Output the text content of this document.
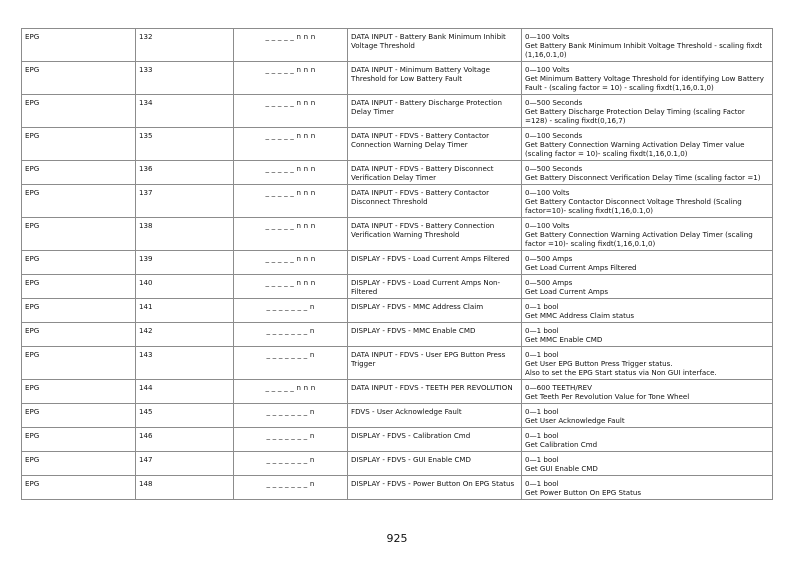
EPG	132	_ _ _ _ _ n n n	DATA INPUT - Battery Bank Minimum Inhibit Voltage Threshold	0—100 Volts
Get Battery Bank Minimum Inhibit Voltage Threshold - scaling fixdt (1,16,0.1,0)

EPG	133	_ _ _ _ _ n n n	DATA INPUT - Minimum Battery Voltage Threshold for Low Battery Fault	0—100 Volts
Get Minimum Battery Voltage Threshold for identifying Low Battery Fault - (scaling factor = 10) - scaling fixdt(1,16,0.1,0)

EPG	134	_ _ _ _ _ n n n	DATA INPUT - Battery Discharge Protection Delay Timer	0—500 Seconds
Get Battery Discharge Protection Delay Timing (scaling Factor =128) - scaling fixdt(0,16,7)

EPG	135	_ _ _ _ _ n n n	DATA INPUT - FDVS - Battery Contactor Connection Warning Delay Timer	0—100 Seconds
Get Battery Connection Warning Activation Delay Timer value (scaling factor = 10)- scaling fixdt(1,16,0.1,0)

EPG	136	_ _ _ _ _ n n n	DATA INPUT - FDVS - Battery Disconnect Verification Delay Timer	0—500 Seconds
Get Battery Disconnect Verification Delay Time (scaling factor =1)

EPG	137	_ _ _ _ _ n n n	DATA INPUT - FDVS - Battery Contactor Disconnect Threshold	0—100 Volts
Get Battery Contactor Disconnect Voltage Threshold (Scaling factor=10)- scaling fixdt(1,16,0.1,0)

EPG	138	_ _ _ _ _ n n n	DATA INPUT - FDVS - Battery Connection Verification Warning Threshold	0—100 Volts
Get Battery Connection Warning Activation Delay Timer (scaling factor =10)- scaling fixdt(1,16,0.1,0)

EPG	139	_ _ _ _ _ n n n	DISPLAY - FDVS - Load Current Amps Filtered	0—500 Amps
Get Load Current Amps Filtered

EPG	140	_ _ _ _ _ n n n	DISPLAY - FDVS - Load Current Amps Non-Filtered	0—500 Amps
Get Load Current Amps

EPG	141	_ _ _ _ _ _ _ n	DISPLAY - FDVS - MMC Address Claim	0—1 bool
Get MMC Address Claim status

EPG	142	_ _ _ _ _ _ _ n	DISPLAY - FDVS - MMC Enable CMD	0—1 bool
Get MMC Enable CMD

EPG	143	_ _ _ _ _ _ _ n	DATA INPUT - FDVS - User EPG Button Press Trigger	0—1 bool
Get User EPG Button Press Trigger status.
Also to set the EPG Start status via Non GUI interface.

EPG	144	_ _ _ _ _ n n n	DATA INPUT - FDVS - TEETH PER REVOLUTION	0—600 TEETH/REV
Get Teeth Per Revolution Value for Tone Wheel

EPG	145	_ _ _ _ _ _ _ n	FDVS - User Acknowledge Fault	0—1 bool
Get User Acknowledge Fault

EPG	146	_ _ _ _ _ _ _ n	DISPLAY - FDVS - Calibration Cmd	0—1 bool
Get Calibration Cmd

EPG	147	_ _ _ _ _ _ _ n	DISPLAY - FDVS - GUI Enable CMD	0—1 bool
Get GUI Enable CMD

EPG	148	_ _ _ _ _ _ _ n	DISPLAY - FDVS - Power Button On EPG Status	0—1 bool
Get Power Button On EPG Status
925
